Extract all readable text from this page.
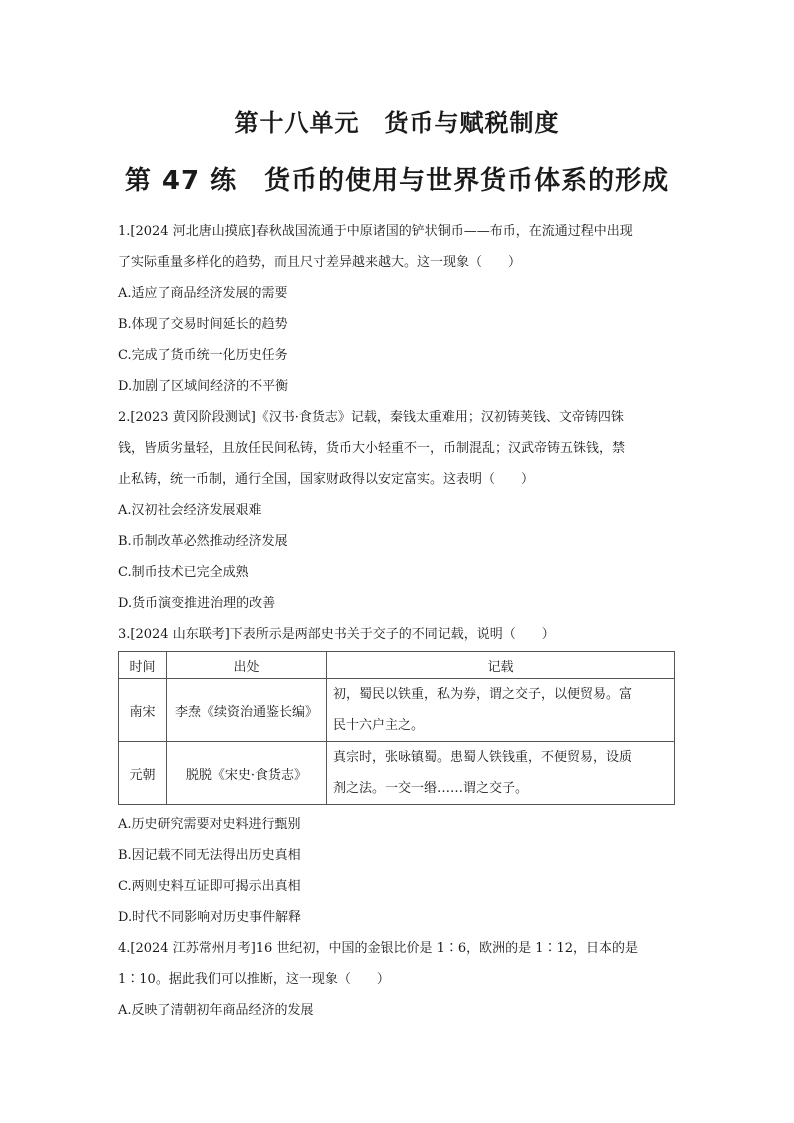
第十八单元　货币与赋税制度
第 47 练　货币的使用与世界货币体系的形成
1.[2024 河北唐山摸底]春秋战国流通于中原诸国的铲状铜币——布币，在流通过程中出现
了实际重量多样化的趋势，而且尺寸差异越来越大。这一现象（　　）
A.适应了商品经济发展的需要
B.体现了交易时间延长的趋势
C.完成了货币统一化历史任务
D.加剧了区域间经济的不平衡
2.[2023 黄冈阶段测试]《汉书·食货志》记载，秦钱太重难用；汉初铸荚钱、文帝铸四铢
钱，皆质劣量轻，且放任民间私铸，货币大小轻重不一，币制混乱；汉武帝铸五铢钱，禁
止私铸，统一币制，通行全国，国家财政得以安定富实。这表明（　　）
A.汉初社会经济发展艰难
B.币制改革必然推动经济发展
C.制币技术已完全成熟
D.货币演变推进治理的改善
3.[2024 山东联考]下表所示是两部史书关于交子的不同记载，说明（　　）
时间	出处	记载
南宋	李焘《续资治通鉴长编》	初，蜀民以铁重，私为券，谓之交子，以便贸易。富
民十六户主之。

元朝	脱脱《宋史·食货志》	真宗时，张咏镇蜀。患蜀人铁钱重，不便贸易，设质
剂之法。一交一缗……谓之交子。
A.历史研究需要对史料进行甄别
B.因记载不同无法得出历史真相
C.两则史料互证即可揭示出真相
D.时代不同影响对历史事件解释
4.[2024 江苏常州月考]16 世纪初，中国的金银比价是 1∶6，欧洲的是 1∶12，日本的是
1∶10。据此我们可以推断，这一现象（　　）
A.反映了清朝初年商品经济的发展
